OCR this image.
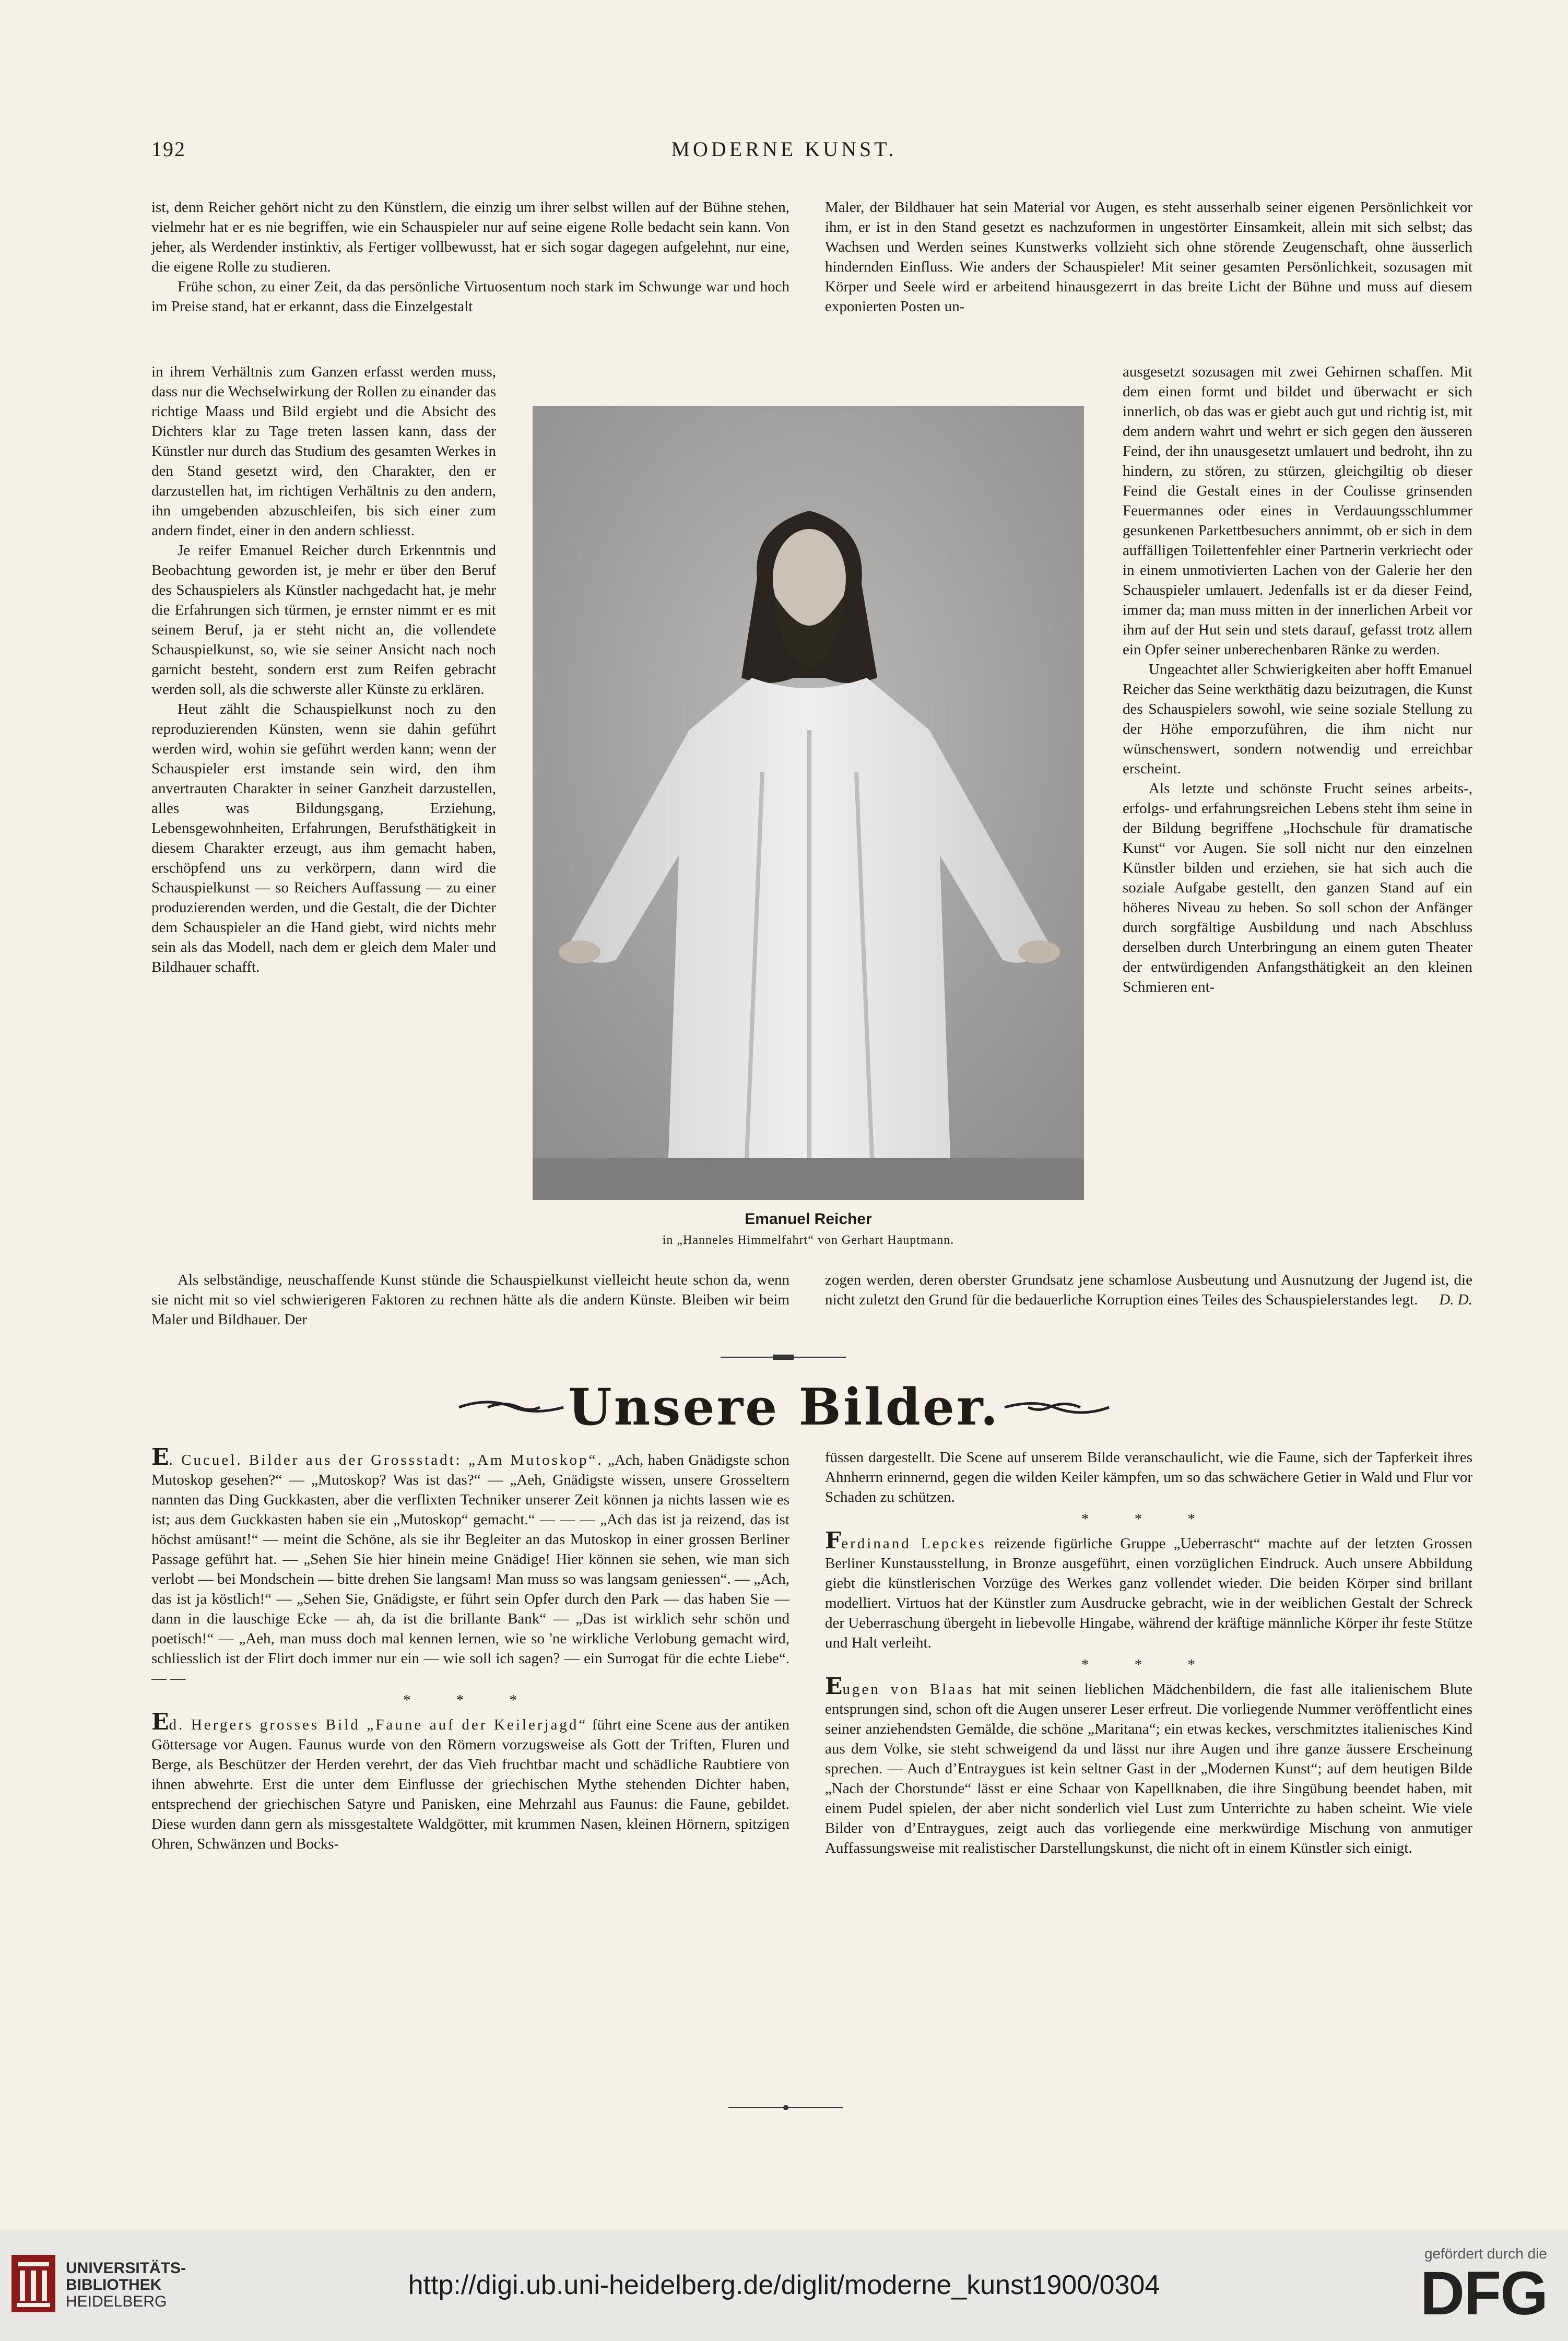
192	MODERNE KUNST.

ist, denn Reicher gehört nicht zu den Künstlern, die einzig um ihrer selbst willen auf der Bühne stehen, vielmehr hat er es nie begriffen, wie ein Schauspieler nur auf seine eigene Rolle bedacht sein kann. Von jeher, als Werdender instinktiv, als Fertiger vollbewusst, hat er sich sogar dagegen aufgelehnt, nur eine, die eigene Rolle zu studieren.

Frühe schon, zu einer Zeit, da das persönliche Virtuosentum noch stark im Schwunge war und hoch im Preise stand, hat er erkannt, dass die Einzelgestalt

in ihrem Verhältnis zum Ganzen erfasst werden muss, dass nur die Wechselwirkung der Rollen zu einander das richtige Maass und Bild ergiebt und die Absicht des Dichters klar zu Tage treten lassen kann, dass der Künstler nur durch das Studium des gesamten Werkes in den Stand gesetzt wird, den Charakter, den er darzustellen hat, im richtigen Verhältnis zu den andern, ihn umgebenden abzuschleifen, bis sich einer zum andern findet, einer in den andern schliesst.

Je reifer Emanuel Reicher durch Erkenntnis und Beobachtung geworden ist, je mehr er über den Beruf des Schauspielers als Künstler nachgedacht hat, je mehr die Erfahrungen sich türmen, je ernster nimmt er es mit seinem Beruf, ja er steht nicht an, die vollendete Schauspielkunst, so, wie sie seiner Ansicht nach noch garnicht besteht, sondern erst zum Reifen gebracht werden soll, als die schwerste aller Künste zu erklären.

Heut zählt die Schauspielkunst noch zu den reproduzierenden Künsten, wenn sie dahin geführt werden wird, wohin sie geführt werden kann; wenn der Schauspieler erst imstande sein wird, den ihm anvertrauten Charakter in seiner Ganzheit darzustellen, alles was Bildungsgang, Erziehung, Lebensgewohnheiten, Erfahrungen, Berufsthätigkeit in diesem Charakter erzeugt, aus ihm gemacht haben, erschöpfend uns zu verkörpern, dann wird die Schauspielkunst — so Reichers Auffassung — zu einer produzierenden werden, und die Gestalt, die der Dichter dem Schauspieler an die Hand giebt, wird nichts mehr sein als das Modell, nach dem er gleich dem Maler und Bildhauer schafft.

Als selbständige, neuschaffende Kunst stünde die Schauspielkunst vielleicht heute schon da, wenn sie nicht mit so viel schwierigeren Faktoren zu rechnen hätte als die andern Künste. Bleiben wir beim Maler und Bildhauer. Der
Maler, der Bildhauer hat sein Material vor Augen, es steht ausserhalb seiner eigenen Persönlichkeit vor ihm, er ist in den Stand gesetzt es nachzuformen in ungestörter Einsamkeit, allein mit sich selbst; das Wachsen und Werden seines Kunstwerks vollzieht sich ohne störende Zeugenschaft, ohne äusserlich hindernden Einfluss. Wie anders der Schauspieler! Mit seiner gesamten Persönlichkeit, sozusagen mit Körper und Seele wird er arbeitend hinausgezerrt in das breite Licht der Bühne und muss auf diesem exponierten Posten un-

ausgesetzt sozusagen mit zwei Gehirnen schaffen. Mit dem einen formt und bildet und überwacht er sich innerlich, ob das was er giebt auch gut und richtig ist, mit dem andern wahrt und wehrt er sich gegen den äusseren Feind, der ihn unausgesetzt umlauert und bedroht, ihn zu hindern, zu stören, zu stürzen, gleichgiltig ob dieser Feind die Gestalt eines in der Coulisse grinsenden Feuermannes oder eines in Verdauungsschlummer gesunkenen Parkettbesuchers annimmt, ob er sich in dem auffälligen Toilettenfehler einer Partnerin verkriecht oder in einem unmotivierten Lachen von der Galerie her den Schauspieler umlauert. Jedenfalls ist er da dieser Feind, immer da; man muss mitten in der innerlichen Arbeit vor ihm auf der Hut sein und stets darauf, gefasst trotz allem ein Opfer seiner unberechenbaren Ränke zu werden.

Ungeachtet aller Schwierigkeiten aber hofft Emanuel Reicher das Seine werkthätig dazu beizutragen, die Kunst des Schauspielers sowohl, wie seine soziale Stellung zu der Höhe emporzuführen, die ihm nicht nur wünschenswert, sondern notwendig und erreichbar erscheint.

Als letzte und schönste Frucht seines arbeits-, erfolgs- und erfahrungsreichen Lebens steht ihm seine in der Bildung begriffene „Hochschule für dramatische Kunst“ vor Augen. Sie soll nicht nur den einzelnen Künstler bilden und erziehen, sie hat sich auch die soziale Aufgabe gestellt, den ganzen Stand auf ein höheres Niveau zu heben. So soll schon der Anfänger durch sorgfältige Ausbildung und nach Abschluss derselben durch Unterbringung an einem guten Theater der entwürdigenden Anfangsthätigkeit an den kleinen Schmieren ent-

zogen werden, deren oberster Grundsatz jene schamlose Ausbeutung und Ausnutzung der Jugend ist, die nicht zuletzt den Grund für die bedauerliche Korruption eines Teiles des Schauspielerstandes legt. D. D.
Emanuel Reicher
in „Hanneles Himmelfahrt“ von Gerhart Hauptmann.
Unsere Bilder.

E. Cucuel. Bilder aus der Grossstadt: „Am Mutoskop“. „Ach, haben Gnädigste schon Mutoskop gesehen?“ — „Mutoskop? Was ist das?“ — „Aeh, Gnädigste wissen, unsere Grosseltern nannten das Ding Guckkasten, aber die verflixten Techniker unserer Zeit können ja nichts lassen wie es ist; aus dem Guckkasten haben sie ein „Mutoskop“ gemacht.“ — — — „Ach das ist ja reizend, das ist höchst amüsant!“ — meint die Schöne, als sie ihr Begleiter an das Mutoskop in einer grossen Berliner Passage geführt hat. — „Sehen Sie hier hinein meine Gnädige! Hier können sie sehen, wie man sich verlobt — bei Mondschein — bitte drehen Sie langsam! Man muss so was langsam geniessen“. — „Ach, das ist ja köstlich!“ — „Sehen Sie, Gnädigste, er führt sein Opfer durch den Park — das haben Sie — dann in die lauschige Ecke — ah, da ist die brillante Bank“ — „Das ist wirklich sehr schön und poetisch!“ — „Aeh, man muss doch mal kennen lernen, wie so 'ne wirkliche Verlobung gemacht wird, schliesslich ist der Flirt doch immer nur ein — wie soll ich sagen? — ein Surrogat für die echte Liebe“. — —

* * *

Ed. Hergers grosses Bild „Faune auf der Keilerjagd“ führt eine Scene aus der antiken Göttersage vor Augen. Faunus wurde von den Römern vorzugsweise als Gott der Triften, Fluren und Berge, als Beschützer der Herden verehrt, der das Vieh fruchtbar macht und schädliche Raubtiere von ihnen abwehrte. Erst die unter dem Einflusse der griechischen Mythe stehenden Dichter haben, entsprechend der griechischen Satyre und Panisken, eine Mehrzahl aus Faunus: die Faune, gebildet. Diese wurden dann gern als missgestaltete Waldgötter, mit krummen Nasen, kleinen Hörnern, spitzigen Ohren, Schwänzen und Bocks-

füssen dargestellt. Die Scene auf unserem Bilde veranschaulicht, wie die Faune, sich der Tapferkeit ihres Ahnherrn erinnernd, gegen die wilden Keiler kämpfen, um so das schwächere Getier in Wald und Flur vor Schaden zu schützen.

* * *

Ferdinand Lepckes reizende figürliche Gruppe „Ueberrascht“ machte auf der letzten Grossen Berliner Kunstausstellung, in Bronze ausgeführt, einen vorzüglichen Eindruck. Auch unsere Abbildung giebt die künstlerischen Vorzüge des Werkes ganz vollendet wieder. Die beiden Körper sind brillant modelliert. Virtuos hat der Künstler zum Ausdrucke gebracht, wie in der weiblichen Gestalt der Schreck der Ueberraschung übergeht in liebevolle Hingabe, während der kräftige männliche Körper ihr feste Stütze und Halt verleiht.

* * *

Eugen von Blaas hat mit seinen lieblichen Mädchenbildern, die fast alle italienischem Blute entsprungen sind, schon oft die Augen unserer Leser erfreut. Die vorliegende Nummer veröffentlicht eines seiner anziehendsten Gemälde, die schöne „Maritana“; ein etwas keckes, verschmitztes italienisches Kind aus dem Volke, sie steht schweigend da und lässt nur ihre Augen und ihre ganze äussere Erscheinung sprechen. — Auch d’Entraygues ist kein seltner Gast in der „Modernen Kunst“; auf dem heutigen Bilde „Nach der Chorstunde“ lässt er eine Schaar von Kapellknaben, die ihre Singübung beendet haben, mit einem Pudel spielen, der aber nicht sonderlich viel Lust zum Unterrichte zu haben scheint. Wie viele Bilder von d’Entraygues, zeigt auch das vorliegende eine merkwürdige Mischung von anmutiger Auffassungsweise mit realistischer Darstellungskunst, die nicht oft in einem Künstler sich einigt.

UNIVERSITÄTS-
BIBLIOTHEK
HEIDELBERG
http://digi.ub.uni-heidelberg.de/diglit/moderne_kunst1900/0304
gefördert durch die
DFG
